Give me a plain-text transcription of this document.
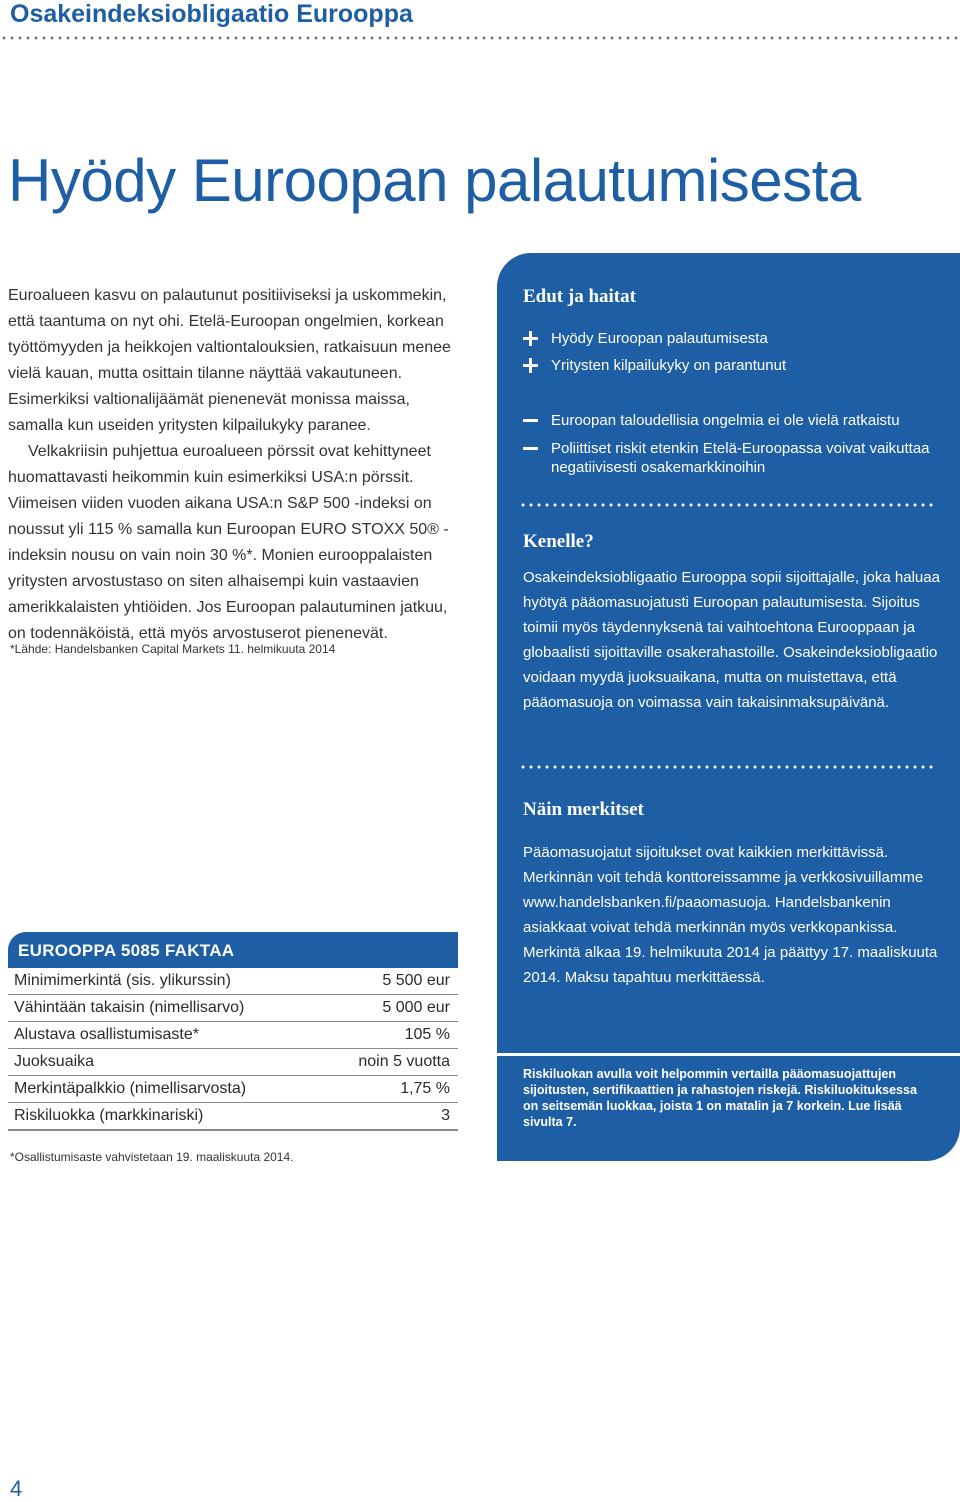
Osakeindeksiobligaatio Eurooppa
Hyödy Euroopan palautumisesta

Euroalueen kasvu on palautunut positiiviseksi ja uskommekin, että taantuma on nyt ohi. Etelä-Euroopan ongelmien, korkean työttömyyden ja heikkojen valtiontalouksien, ratkaisuun menee vielä kauan, mutta osittain tilanne näyttää vakautuneen. Esimerkiksi valtionalijäämät pienenevät monissa maissa, samalla kun useiden yritysten kilpailukyky paranee.

Velkakriisin puhjettua euroalueen pörssit ovat kehittyneet huomattavasti heikommin kuin esimerkiksi USA:n pörssit. Viimeisen viiden vuoden aikana USA:n S&P 500 -indeksi on noussut yli 115 % samalla kun Euroopan EURO STOXX 50® -indeksin nousu on vain noin 30 %*. Monien eurooppalaisten yritysten arvostustaso on siten alhaisempi kuin vastaavien amerikkalaisten yhtiöiden. Jos Euroopan palautuminen jatkuu, on todennäköistä, että myös arvostuserot pienenevät.

*Lähde: Handelsbanken Capital Markets 11. helmikuuta 2014
Edut ja haitat
Hyödy Euroopan palautumisesta
Yritysten kilpailukyky on parantunut
Euroopan taloudellisia ongelmia ei ole vielä ratkaistu
Poliittiset riskit etenkin Etelä-Euroopassa voivat vaikuttaa negatiivisesti osakemarkkinoihin
Kenelle?

Osakeindeksiobligaatio Eurooppa sopii sijoittajalle, joka haluaa hyötyä pääomasuojatusti Euroopan palautumisesta. Sijoitus toimii myös täydennyksenä tai vaihtoehtona Eurooppaan ja globaalisti sijoittaville osakerahastoille. Osakeindeksiobligaatio voidaan myydä juoksuaikana, mutta on muistettava, että pääomasuoja on voimassa vain takaisinmaksupäivänä.

Näin merkitset

Pääomasuojatut sijoitukset ovat kaikkien merkittävissä. Merkinnän voit tehdä konttoreissamme ja verkkosivuillamme www.handelsbanken.fi/paaomasuoja. Handelsbankenin asiakkaat voivat tehdä merkinnän myös verkkopankissa. Merkintä alkaa 19. helmikuuta 2014 ja päättyy 17. maaliskuuta 2014. Maksu tapahtuu merkittäessä.

Riskiluokan avulla voit helpommin vertailla pääomasuojattujen sijoitusten, sertifikaattien ja rahastojen riskejä. Riskiluokituksessa on seitsemän luokkaa, joista 1 on matalin ja 7 korkein. Lue lisää sivulta 7.

EUROOPPA 5085 FAKTAA
Minimimerkintä (sis. ylikurssin)	5 500 eur
Vähintään takaisin (nimellisarvo)	5 000 eur
Alustava osallistumisaste*	105 %
Juoksuaika	noin 5 vuotta
Merkintäpalkkio (nimellisarvosta)	1,75 %
Riskiluokka (markkinariski)	3
*Osallistumisaste vahvistetaan 19. maaliskuuta 2014.
4
